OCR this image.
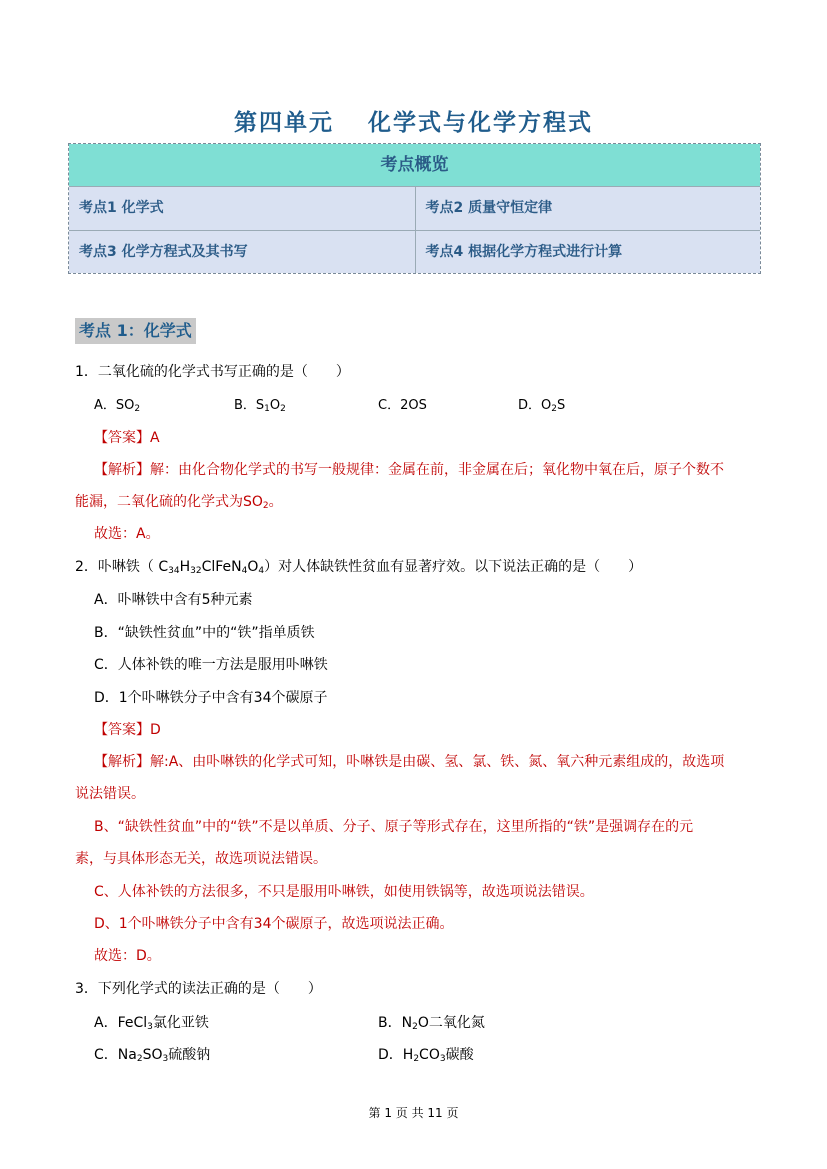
第四单元 化学式与化学方程式
考点概览
考点1 化学式	考点2 质量守恒定律
考点3 化学方程式及其书写	考点4 根据化学方程式进行计算
考点 1：化学式
1．二氧化硫的化学式书写正确的是（　　）
A．$SO_2$	B．$S_1O_2$	C．2OS	D．$O_2S$
【答案】A
【解析】解：由化合物化学式的书写一般规律：金属在前，非金属在后；氧化物中氧在后，原子个数不
能漏，二氧化硫的化学式为$SO_2$。
故选：A。
2．卟啉铁（ $C_{34}H_{32}ClFeN_4O_4$）对人体缺铁性贫血有显著疗效。以下说法正确的是（　　）
A．卟啉铁中含有5种元素
B．“缺铁性贫血”中的“铁”指单质铁
C．人体补铁的唯一方法是服用卟啉铁
D．1个卟啉铁分子中含有34个碳原子
【答案】D
【解析】解:A、由卟啉铁的化学式可知，卟啉铁是由碳、氢、氯、铁、氮、氧六种元素组成的，故选项
说法错误。
B、“缺铁性贫血”中的“铁”不是以单质、分子、原子等形式存在，这里所指的“铁”是强调存在的元
素，与具体形态无关，故选项说法错误。
C、人体补铁的方法很多，不只是服用卟啉铁，如使用铁锅等，故选项说法错误。
D、1个卟啉铁分子中含有34个碳原子，故选项说法正确。
故选：D。
3．下列化学式的读法正确的是（　　）
A．FeCl$_3$氯化亚铁	B．$N_2O$二氧化氮
C．$Na_2SO_3$硫酸钠	D．$H_2CO_3$碳酸
第 1 页 共 11 页
